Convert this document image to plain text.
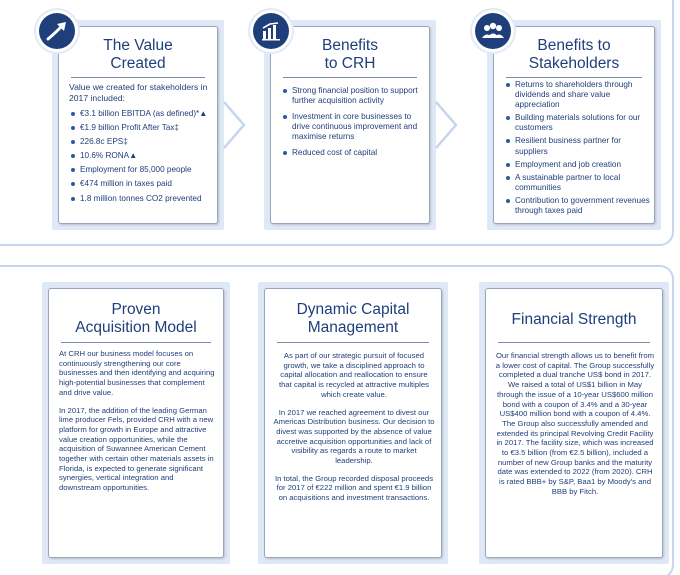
The Value
Created
Value we created for stakeholders in 2017 included:
€3.1 billion EBITDA (as defined)*▲
€1.9 billion Profit After Tax‡
226.8c EPS‡
10.6% RONA▲
Employment for 85,000 people
€474 million in taxes paid
1.8 million tonnes CO2 prevented
Benefits
to CRH
Strong financial position to support further acquisition activity
Investment in core businesses to drive continuous improvement and maximise returns
Reduced cost of capital
Benefits to
Stakeholders
Returns to shareholders through dividends and share value appreciation
Building materials solutions for our customers
Resilient business partner for suppliers
Employment and job creation
A sustainable partner to local communities
Contribution to government revenues through taxes paid
Proven
Acquisition Model

At CRH our business model focuses on continuously strengthening our core businesses and then identifying and acquiring high-potential businesses that complement and drive value.

In 2017, the addition of the leading German lime producer Fels, provided CRH with a new platform for growth in Europe and attractive value creation opportunities, while the acquisition of Suwannee American Cement together with certain other materials assets in Florida, is expected to generate significant synergies, vertical integration and downstream opportunities.

Dynamic Capital
Management

As part of our strategic pursuit of focused growth, we take a disciplined approach to capital allocation and reallocation to ensure that capital is recycled at attractive multiples which create value.

In 2017 we reached agreement to divest our Americas Distribution business. Our decision to divest was supported by the absence of value accretive acquisition opportunities and lack of visibility as regards a route to market leadership.

In total, the Group recorded disposal proceeds for 2017 of €222 million and spent €1.9 billion on acquisitions and investment transactions.

Financial Strength

Our financial strength allows us to benefit from a lower cost of capital. The Group successfully completed a dual tranche US$ bond in 2017. We raised a total of US$1 billion in May through the issue of a 10-year US$600 million bond with a coupon of 3.4% and a 30-year US$400 million bond with a coupon of 4.4%. The Group also successfully amended and extended its principal Revolving Credit Facility in 2017. The facility size, which was increased to €3.5 billion (from €2.5 billion), included a number of new Group banks and the maturity date was extended to 2022 (from 2020). CRH is rated BBB+ by S&P, Baa1 by Moody's and BBB by Fitch.
